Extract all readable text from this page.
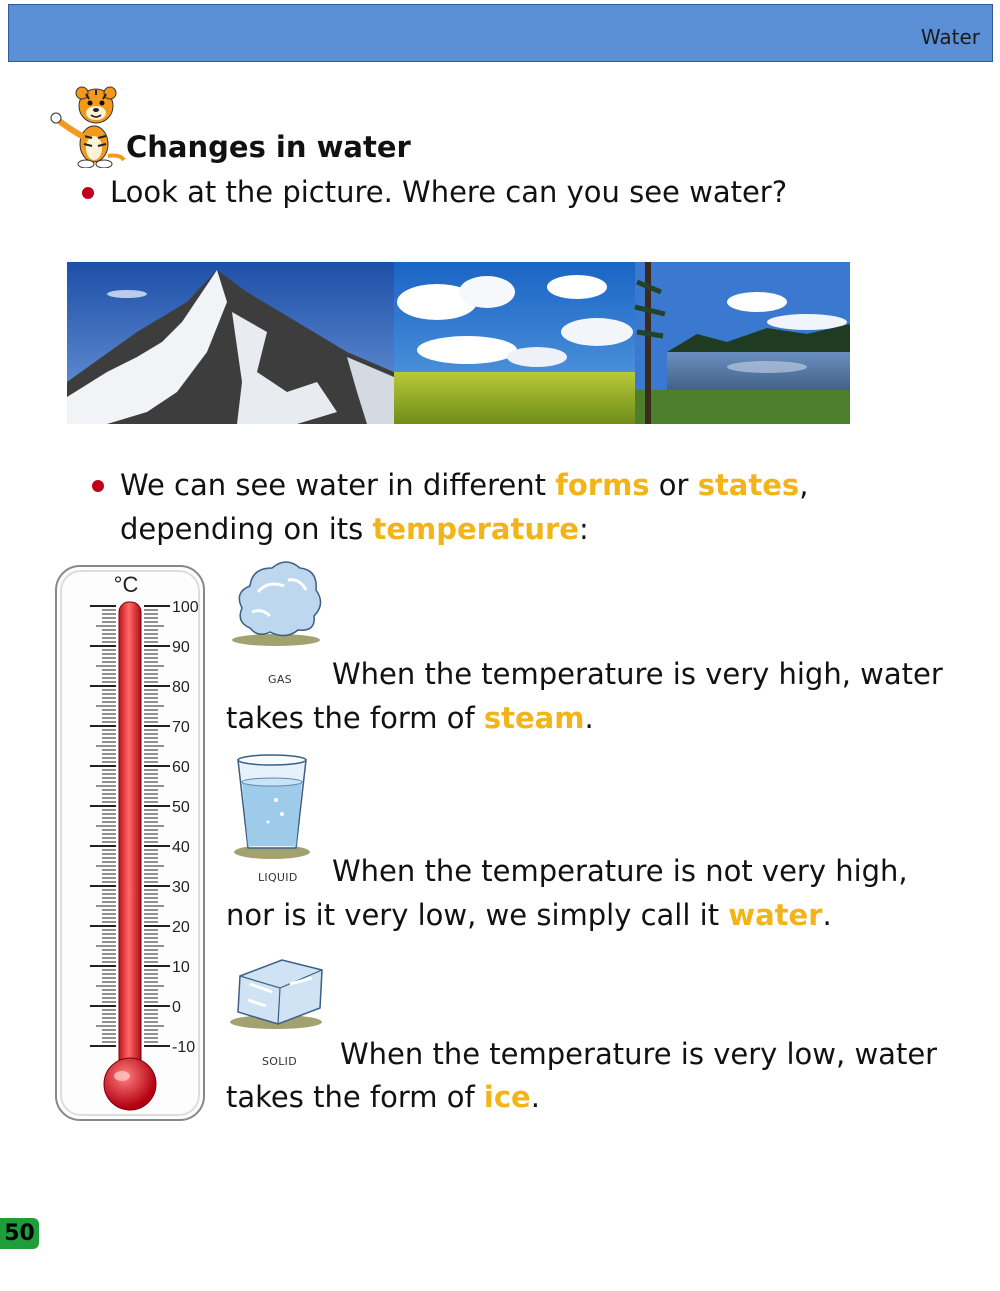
Water
Changes in water
Look at the picture. Where can you see water?
We can see water in different forms or states,
depending on its temperature:
°C
100
90
80
70
60
50
40
30
20
10
0
-10
GAS When the temperature is very high, water
takes the form of steam.
LIQUID When the temperature is not very high,
nor is it very low, we simply call it water.
SOLID When the temperature is very low, water
takes the form of ice.
50
